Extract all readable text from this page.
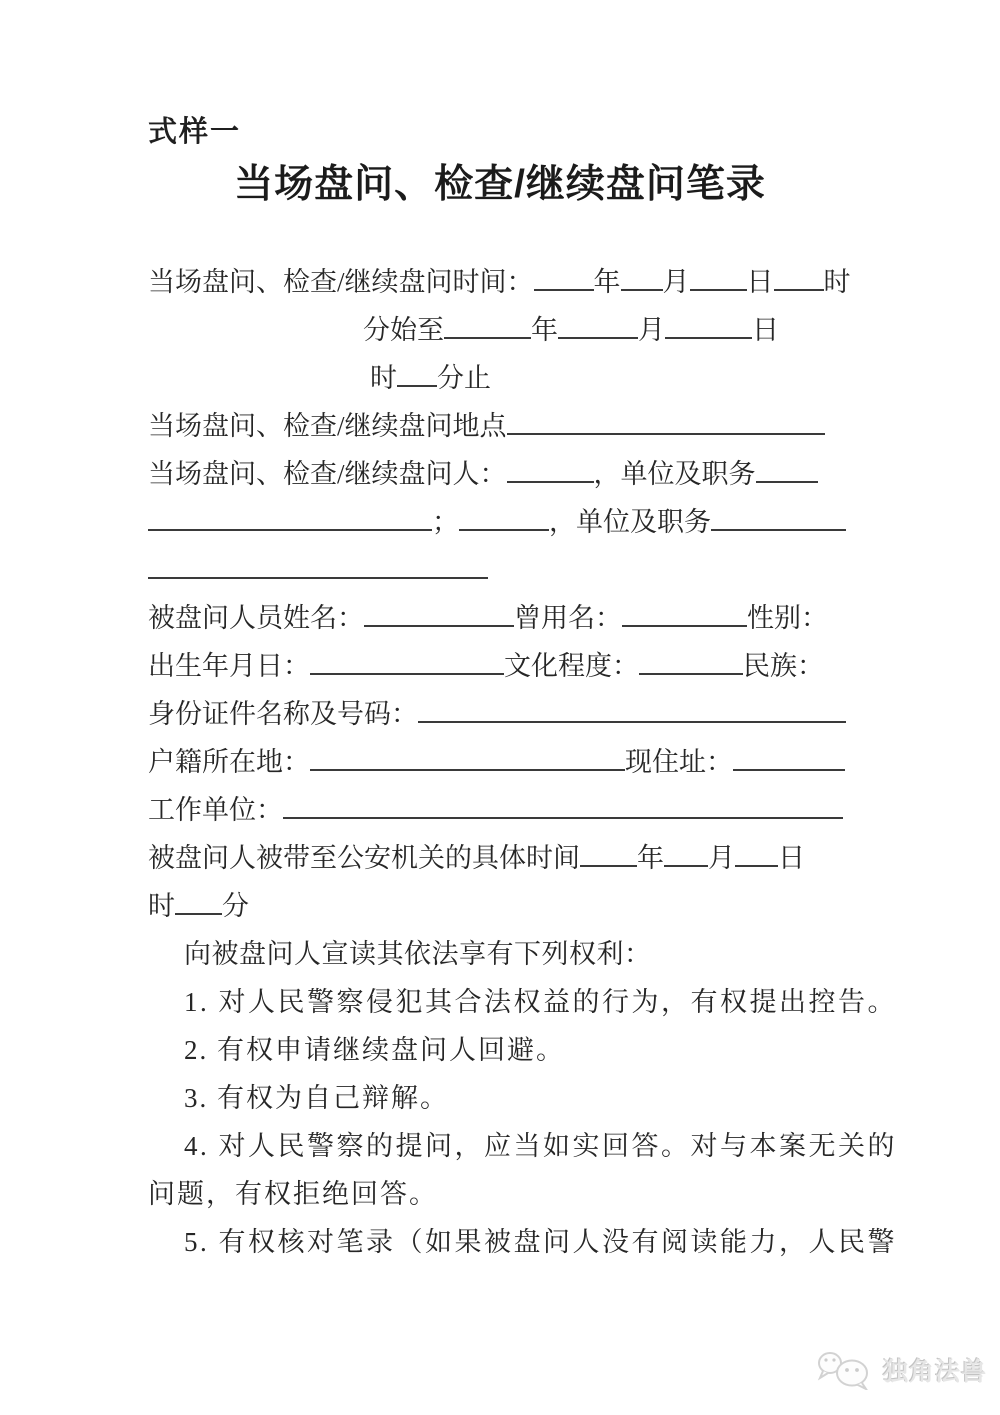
式样一
当场盘问、检查/继续盘问笔录
当场盘问、检查/继续盘问时间： 年 月 日 时
分始至	年	月	日
时 分止
当场盘问、检查/继续盘问地点
当场盘问、检查/继续盘问人：	，单位及职务
；	，单位及职务
被盘问人员姓名：	曾用名：	性别：
出生年月日：	文化程度：	民族：
身份证件名称及号码：
户籍所在地：	现住址：
工作单位：
被盘问人被带至公安机关的具体时间 年 月 日
时 分
向被盘问人宣读其依法享有下列权利：
1. 对人民警察侵犯其合法权益的行为，有权提出控告。
2. 有权申请继续盘问人回避。
3. 有权为自己辩解。
4. 对人民警察的提问，应当如实回答。对与本案无关的
问题，有权拒绝回答。
5. 有权核对笔录（如果被盘问人没有阅读能力，人民警
独角法兽
